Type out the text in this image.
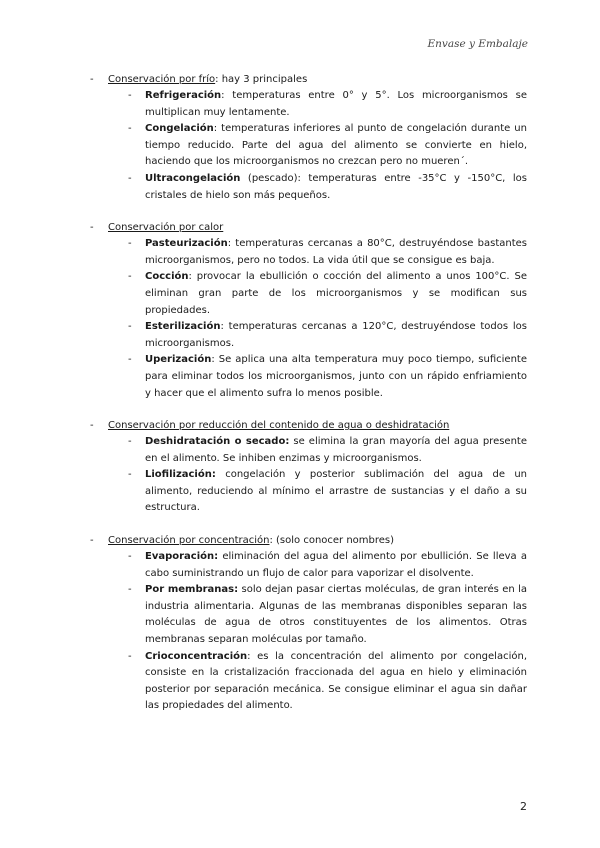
Envase y Embalaje
- Conservación por frío: hay 3 principales
- Refrigeración: temperaturas entre 0° y 5°. Los microorganismos se multiplican muy lentamente.
- Congelación: temperaturas inferiores al punto de congelación durante un tiempo reducido. Parte del agua del alimento se convierte en hielo, haciendo que los microorganismos no crezcan pero no mueren´.
- Ultracongelación (pescado): temperaturas entre -35°C y -150°C, los cristales de hielo son más pequeños.
- Conservación por calor
- Pasteurización: temperaturas cercanas a 80°C, destruyéndose bastantes microorganismos, pero no todos. La vida útil que se consigue es baja.
- Cocción: provocar la ebullición o cocción del alimento a unos 100°C. Se eliminan gran parte de los microorganismos y se modifican sus propiedades.
- Esterilización: temperaturas cercanas a 120°C, destruyéndose todos los microorganismos.
- Uperización: Se aplica una alta temperatura muy poco tiempo, suficiente para eliminar todos los microorganismos, junto con un rápido enfriamiento y hacer que el alimento sufra lo menos posible.
- Conservación por reducción del contenido de agua o deshidratación
- Deshidratación o secado: se elimina la gran mayoría del agua presente en el alimento. Se inhiben enzimas y microorganismos.
- Liofilización: congelación y posterior sublimación del agua de un alimento, reduciendo al mínimo el arrastre de sustancias y el daño a su estructura.
- Conservación por concentración: (solo conocer nombres)
- Evaporación: eliminación del agua del alimento por ebullición. Se lleva a cabo suministrando un flujo de calor para vaporizar el disolvente.
- Por membranas: solo dejan pasar ciertas moléculas, de gran interés en la industria alimentaria. Algunas de las membranas disponibles separan las moléculas de agua de otros constituyentes de los alimentos. Otras membranas separan moléculas por tamaño.
- Crioconcentración: es la concentración del alimento por congelación, consiste en la cristalización fraccionada del agua en hielo y eliminación posterior por separación mecánica. Se consigue eliminar el agua sin dañar las propiedades del alimento.
2
